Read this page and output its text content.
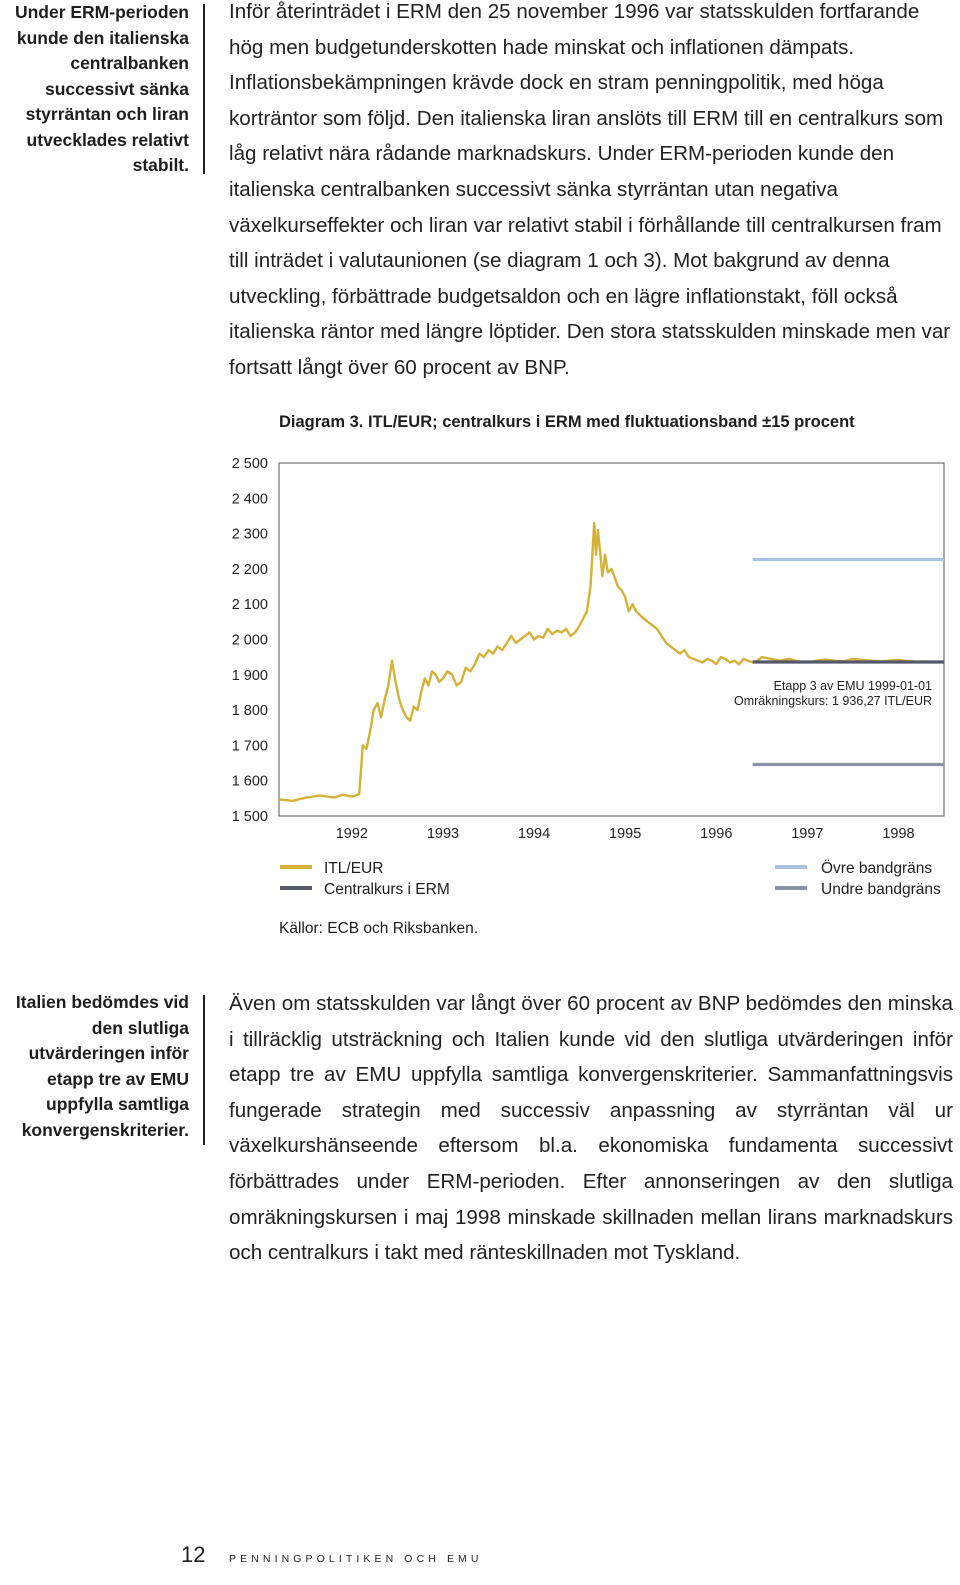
Under ERM-perioden kunde den italienska centralbanken successivt sänka styrräntan och liran utvecklades relativt stabilt.
Inför återinträdet i ERM den 25 november 1996 var statsskulden fortfarande hög men budgetunderskotten hade minskat och inflationen dämpats. Inflationsbekämpningen krävde dock en stram penningpolitik, med höga korträntor som följd. Den italienska liran anslöts till ERM till en centralkurs som låg relativt nära rådande marknadskurs. Under ERM-perioden kunde den italienska centralbanken successivt sänka styrräntan utan negativa växelkurseffekter och liran var relativt stabil i förhållande till centralkursen fram till inträdet i valutaunionen (se diagram 1 och 3). Mot bakgrund av denna utveckling, förbättrade budgetsaldon och en lägre inflationstakt, föll också italienska räntor med längre löptider. Den stora statsskulden minskade men var fortsatt långt över 60 procent av BNP.
Diagram 3. ITL/EUR; centralkurs i ERM med fluktuationsband ±15 procent
2 500
2 400
2 300
2 200
2 100
2 000
1 900
1 800
1 700
1 600
1 500
1992	1993	1994	1995	1996	1997	1998
Etapp 3 av EMU 1999-01-01
Omräkningskurs: 1 936,27 ITL/EUR
ITL/EUR
Centralkurs i ERM
Övre bandgräns
Undre bandgräns
Källor: ECB och Riksbanken.
Italien bedömdes vid den slutliga utvärderingen inför etapp tre av EMU uppfylla samtliga konvergenskriterier.
Även om statsskulden var långt över 60 procent av BNP bedömdes den minska i tillräcklig utsträckning och Italien kunde vid den slutliga utvärderingen inför etapp tre av EMU uppfylla samtliga konvergenskriterier. Sammanfattningsvis fungerade strategin med successiv anpassning av styrräntan väl ur växelkurshänseende eftersom bl.a. ekonomiska fundamenta successivt förbättrades under ERM-perioden. Efter annonseringen av den slutliga omräkningskursen i maj 1998 minskade skillnaden mellan lirans marknadskurs och centralkurs i takt med ränteskillnaden mot Tyskland.
12 PENNINGPOLITIKEN OCH EMU
